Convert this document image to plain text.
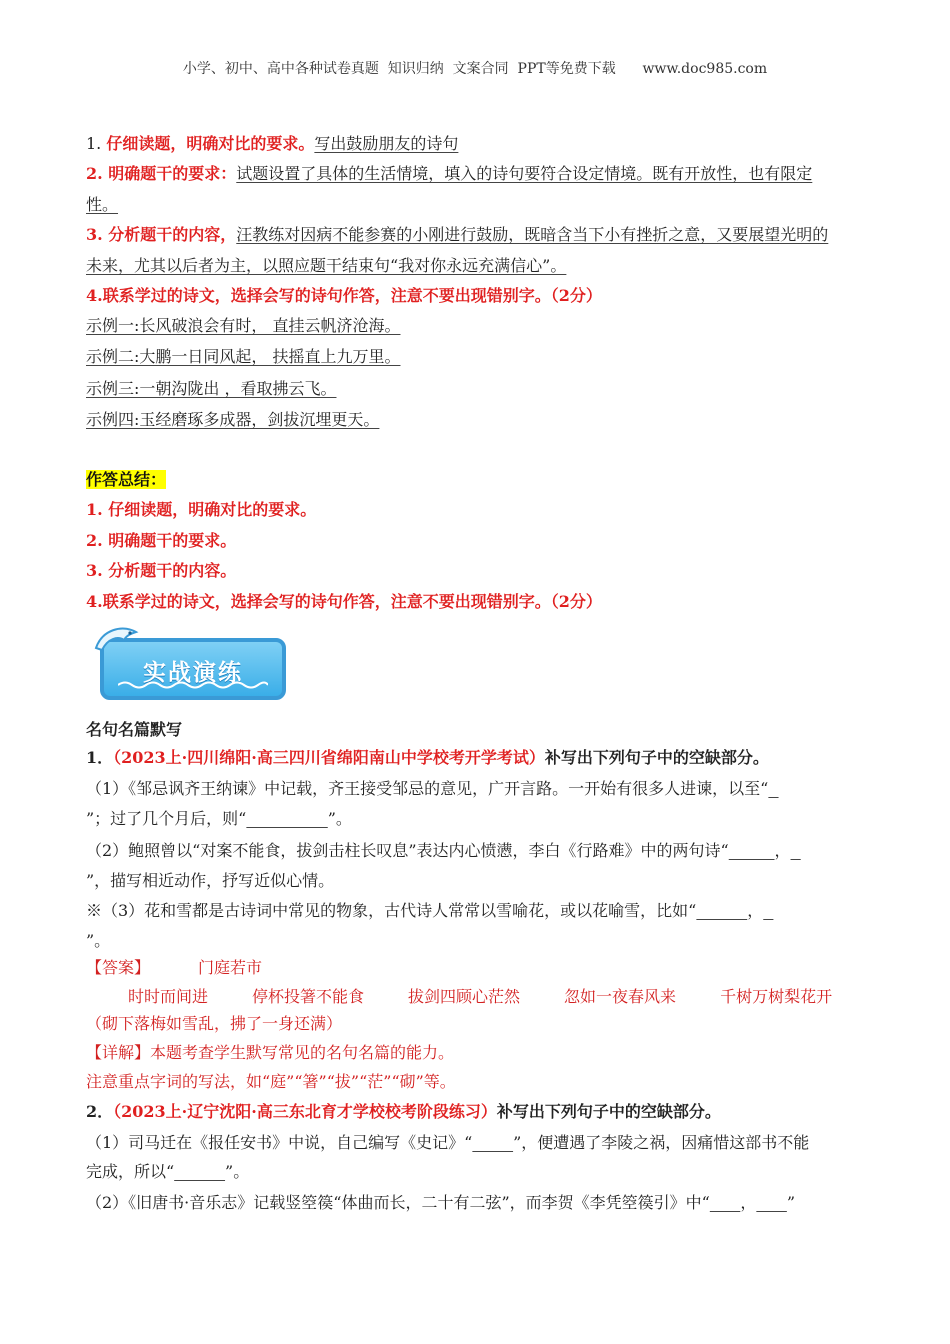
小学、初中、高中各种试卷真题  知识归纳  文案合同  PPT等免费下载      www.doc985.com
1. 仔细读题，明确对比的要求。写出鼓励朋友的诗句
2. 明确题干的要求：试题设置了具体的生活情境，填入的诗句要符合设定情境。既有开放性，也有限定
性。
3. 分析题干的内容，汪教练对因病不能参赛的小刚进行鼓励，既暗含当下小有挫折之意，又要展望光明的
未来，尤其以后者为主，以照应题干结束句“我对你永远充满信心”。
4.联系学过的诗文，选择会写的诗句作答，注意不要出现错别字。（2分）
示例一:长风破浪会有时， 直挂云帆济沧海。
示例二:大鹏一日同风起， 扶摇直上九万里。
示例三:一朝沟陇出 ，看取拂云飞。
示例四:玉经磨琢多成器，剑拔沉埋更天。
作答总结：
1. 仔细读题，明确对比的要求。
2. 明确题干的要求。
3. 分析题干的内容。
4.联系学过的诗文，选择会写的诗句作答，注意不要出现错别字。（2分）
实战演练
名句名篇默写
1．（2023上·四川绵阳·高三四川省绵阳南山中学校考开学考试）补写出下列句子中的空缺部分。
（1）《邹忌讽齐王纳谏》中记载，齐王接受邹忌的意见，广开言路。一开始有很多人进谏，以至“
”；过了几个月后，则“	”。
（2）鲍照曾以“对案不能食，拔剑击柱长叹息”表达内心愤懑，李白《行路难》中的两句诗“	，
”，描写相近动作，抒写近似心情。
※（3）花和雪都是古诗词中常见的物象，古代诗人常常以雪喻花，或以花喻雪，比如“	，
”。
【答案】	门庭若市
时时而间进	停杯投箸不能食	拔剑四顾心茫然	忽如一夜春风来	千树万树梨花开
（砌下落梅如雪乱，拂了一身还满）
【详解】本题考查学生默写常见的名句名篇的能力。
注意重点字词的写法，如“庭”“箸”“拔”“茫”“砌”等。
2．（2023上·辽宁沈阳·高三东北育才学校校考阶段练习）补写出下列句子中的空缺部分。
（1）司马迁在《报任安书》中说，自己编写《史记》“	”，便遭遇了李陵之祸，因痛惜这部书不能
完成，所以“	”。
（2）《旧唐书·音乐志》记载竖箜篌“体曲而长，二十有二弦”，而李贺《李凭箜篌引》中“ ， ”
